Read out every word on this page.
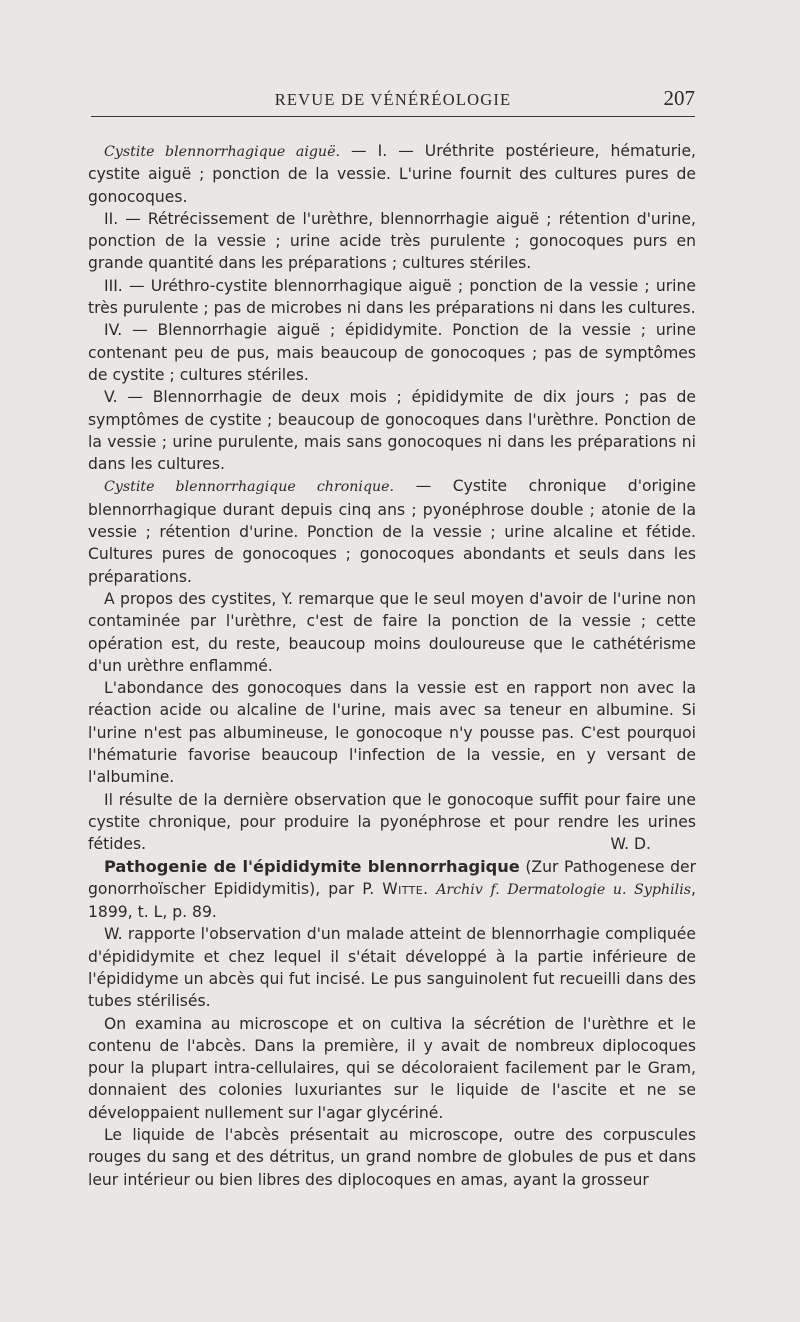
REVUE DE VÉNÉRÉOLOGIE	207

Cystite blennorrhagique aiguë. — I. — Uréthrite postérieure, hématurie, cystite aiguë ; ponction de la vessie. L'urine fournit des cultures pures de gonocoques.

II. — Rétrécissement de l'urèthre, blennorrhagie aiguë ; rétention d'urine, ponction de la vessie ; urine acide très purulente ; gonocoques purs en grande quantité dans les préparations ; cultures stériles.

III. — Uréthro-cystite blennorrhagique aiguë ; ponction de la vessie ; urine très purulente ; pas de microbes ni dans les préparations ni dans les cultures.

IV. — Blennorrhagie aiguë ; épididymite. Ponction de la vessie ; urine contenant peu de pus, mais beaucoup de gonocoques ; pas de symptômes de cystite ; cultures stériles.

V. — Blennorrhagie de deux mois ; épididymite de dix jours ; pas de symptômes de cystite ; beaucoup de gonocoques dans l'urèthre. Ponction de la vessie ; urine purulente, mais sans gonocoques ni dans les préparations ni dans les cultures.

Cystite blennorrhagique chronique. — Cystite chronique d'origine blennorrhagique durant depuis cinq ans ; pyonéphrose double ; atonie de la vessie ; rétention d'urine. Ponction de la vessie ; urine alcaline et fétide. Cultures pures de gonocoques ; gonocoques abondants et seuls dans les préparations.

A propos des cystites, Y. remarque que le seul moyen d'avoir de l'urine non contaminée par l'urèthre, c'est de faire la ponction de la vessie ; cette opération est, du reste, beaucoup moins douloureuse que le cathétérisme d'un urèthre enflammé.

L'abondance des gonocoques dans la vessie est en rapport non avec la réaction acide ou alcaline de l'urine, mais avec sa teneur en albumine. Si l'urine n'est pas albumineuse, le gonocoque n'y pousse pas. C'est pourquoi l'hématurie favorise beaucoup l'infection de la vessie, en y versant de l'albumine.

Il résulte de la dernière observation que le gonocoque suffit pour faire une cystite chronique, pour produire la pyonéphrose et pour rendre les urines fétides.	W. D.

Pathogenie de l'épididymite blennorrhagique (Zur Pathogenese der gonorrhoïscher Epididymitis), par P. Witte. Archiv f. Dermatologie u. Syphilis, 1899, t. L, p. 89.

W. rapporte l'observation d'un malade atteint de blennorrhagie compliquée d'épididymite et chez lequel il s'était développé à la partie inférieure de l'épididyme un abcès qui fut incisé. Le pus sanguinolent fut recueilli dans des tubes stérilisés.

On examina au microscope et on cultiva la sécrétion de l'urèthre et le contenu de l'abcès. Dans la première, il y avait de nombreux diplocoques pour la plupart intra-cellulaires, qui se décoloraient facilement par le Gram, donnaient des colonies luxuriantes sur le liquide de l'ascite et ne se développaient nullement sur l'agar glycériné.

Le liquide de l'abcès présentait au microscope, outre des corpuscules rouges du sang et des détritus, un grand nombre de globules de pus et dans leur intérieur ou bien libres des diplocoques en amas, ayant la grosseur
